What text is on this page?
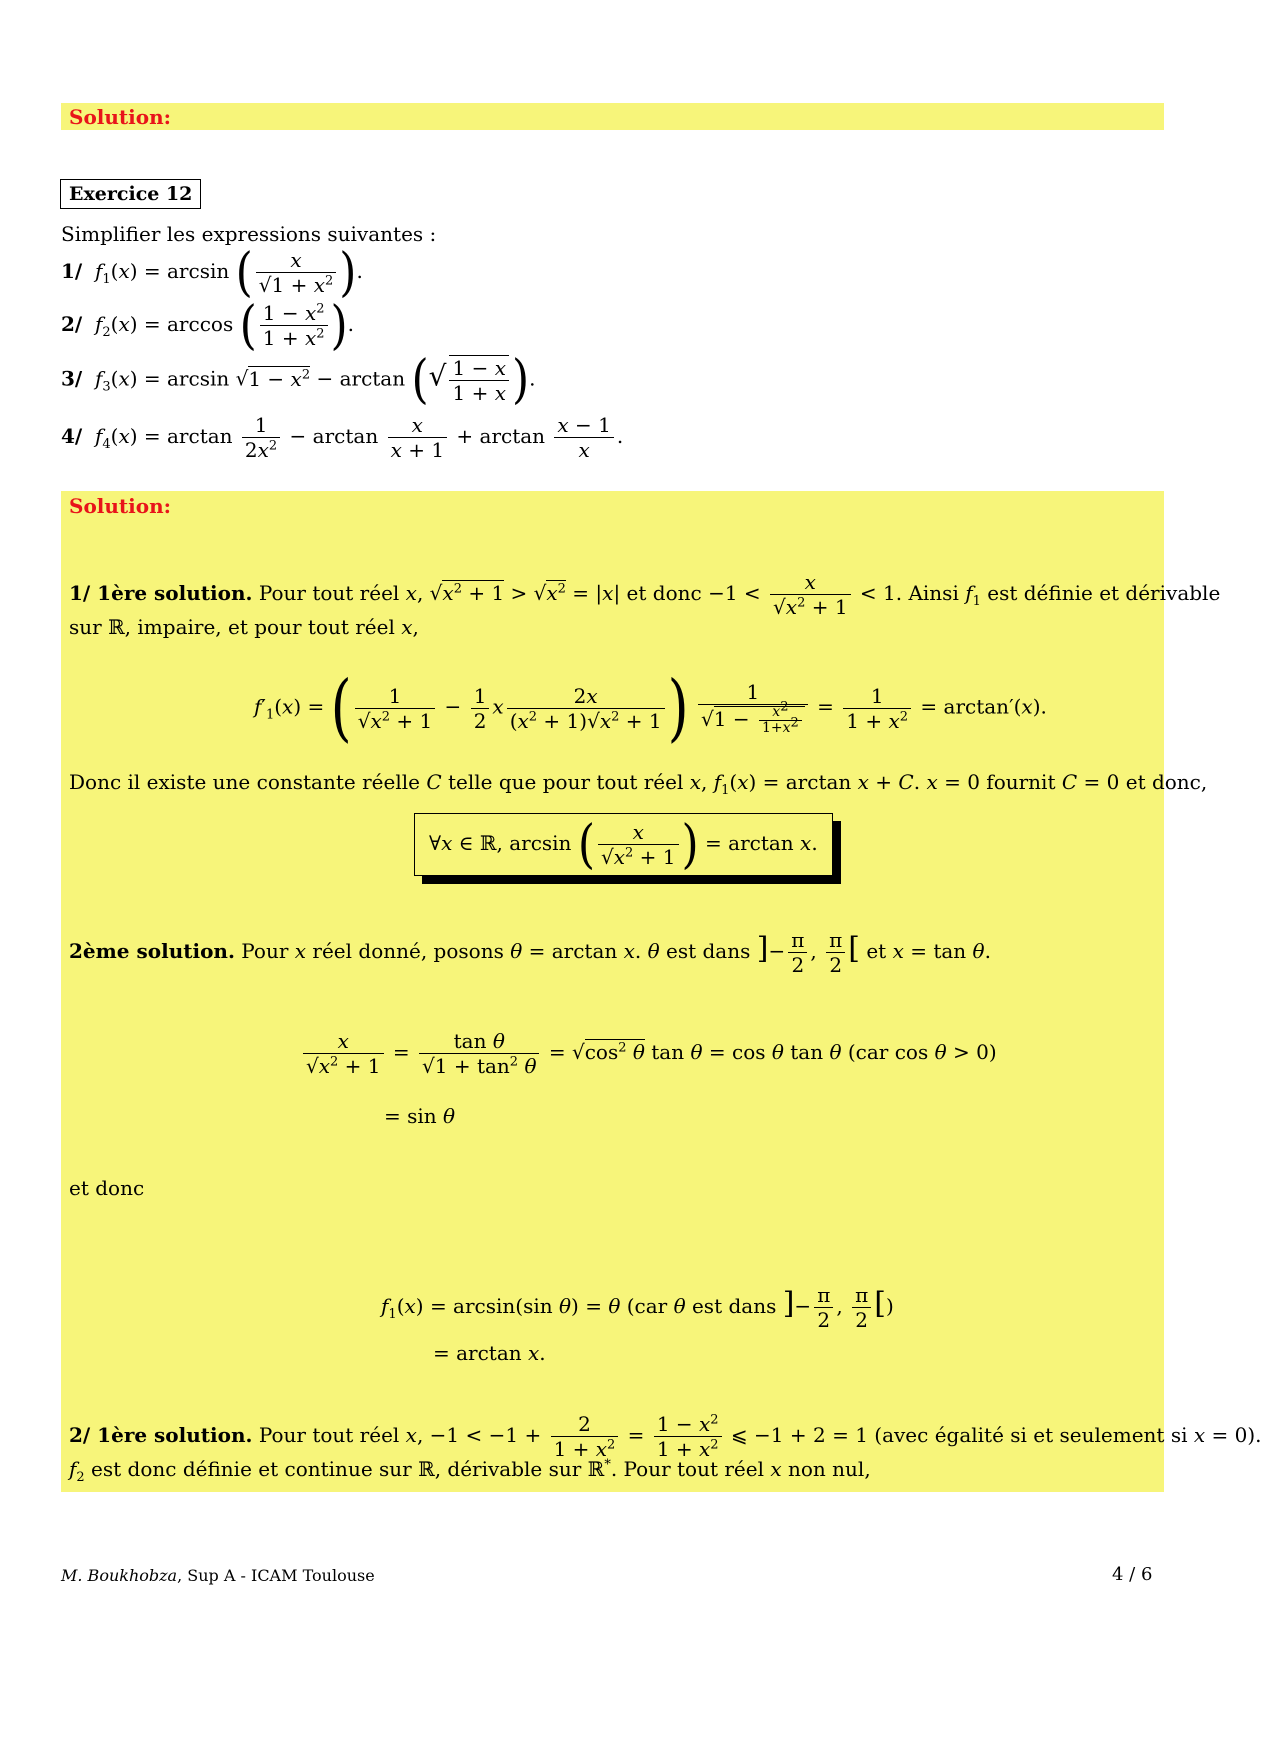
Solution:
Exercice 12
Simplifier les expressions suivantes :
1/ $f_1(x) = \arcsin$ ( $\frac{x}{√1 + x^2}$ ).
2/ $f_2(x) = \arccos$ ( $\frac{1 - x^2}{1 + x^2}$ ).
3/ $f_3(x) = \arcsin √1 - x^2 - \arctan$ (√ $\frac{1 - x}{1 + x}$ ).
4/ $f_4(x) = \arctan \frac{1}{2x^2} - \arctan \frac{x}{x + 1} + \arctan \frac{x - 1}{x}$ .
Solution:
1/ 1ère solution. Pour tout réel x, $√x^2 + 1 > √x^2 = |x|$ et donc $-1 < \frac{x}{√x^2 + 1} < 1$. Ainsi $f_1$ est définie et dérivable
sur ℝ, impaire, et pour tout réel x,
$f'_1(x)$ = ( $\frac{1}{√x^2 + 1} - \frac{1}{2}$ x $\frac{2x}{(x^2 + 1)√x^2 + 1}$ ) $\frac{1}{√1 - \frac{x^2}{1+x^2}} = \frac{1}{1 + x^2} = \arctan'(x)$.
Donc il existe une constante réelle C telle que pour tout réel x, $f_1(x) = \arctan x + C$. x = 0 fournit C = 0 et donc,
∀x ∈ ℝ, arcsin ( $\frac{x}{√x^2 + 1}$ ) = arctan x.
2ème solution. Pour x réel donné, posons θ = arctan x. θ est dans ]− $\frac{\pi}{2}$ , $\frac{\pi}{2}$ [ et x = tan θ.
$\frac{x}{√x^2 + 1} = \frac{\text{tan θ}}{√1 + \tan^2 \theta} = √\cos^2$ θ tan θ = cos θ tan θ (car cos θ > 0)
= sin θ
et donc
$f_1(x) = \arcsin(\sin$ θ) = θ (car θ est dans ]− $\frac{\pi}{2}$ , $\frac{\pi}{2}$ [)
= arctan x.
2/ 1ère solution. Pour tout réel x, $-1 < -1 + \frac{2}{1 + x^2} = \frac{1 - x^2}{1 + x^2}$ ⩽ −1 + 2 = 1 (avec égalité si et seulement si x = 0).
$f_2$ est donc définie et continue sur ℝ, dérivable sur ℝ*. Pour tout réel x non nul,
M. Boukhobza, Sup A - ICAM Toulouse	4 / 6
